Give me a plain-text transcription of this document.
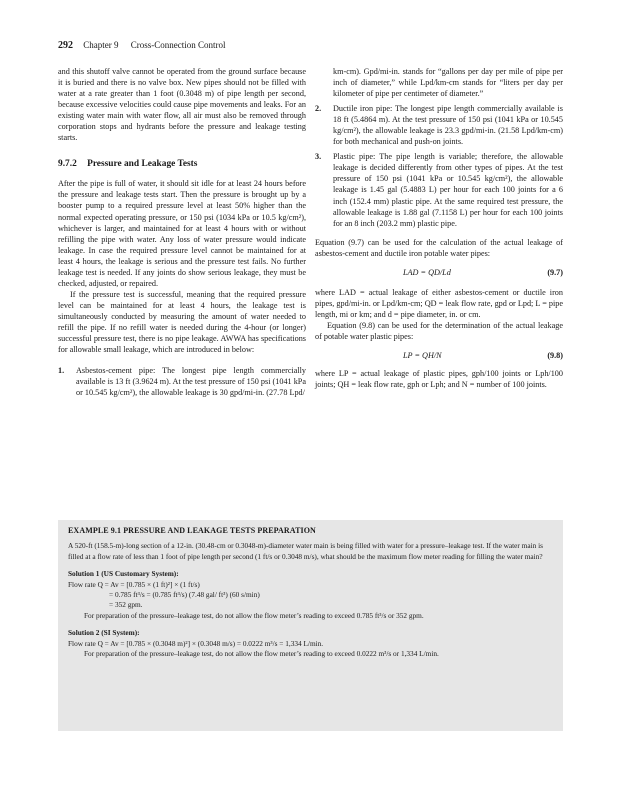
292 Chapter 9 Cross-Connection Control

and this shutoff valve cannot be operated from the ground surface because it is buried and there is no valve box. New pipes should not be filled with water at a rate greater than 1 foot (0.3048 m) of pipe length per second, because excessive velocities could cause pipe movements and leaks. For an existing water main with water flow, all air must also be removed through corporation stops and hydrants before the pressure and leakage testing starts.

9.7.2 Pressure and Leakage Tests

After the pipe is full of water, it should sit idle for at least 24 hours before the pressure and leakage tests start. Then the pressure is brought up by a booster pump to a required pressure level at least 50% higher than the normal expected operating pressure, or 150 psi (1034 kPa or 10.5 kg/cm²), whichever is larger, and maintained for at least 4 hours with or without refilling the pipe with water. Any loss of water pressure would indicate leakage. In case the required pressure level cannot be maintained for at least 4 hours, the leakage is serious and the pressure test fails. No further leakage test is needed. If any joints do show serious leakage, they must be checked, adjusted, or repaired.

If the pressure test is successful, meaning that the required pressure level can be maintained for at least 4 hours, the leakage test is simultaneously conducted by measuring the amount of water needed to refill the pipe. If no refill water is needed during the 4-hour (or longer) successful pressure test, there is no pipe leakage. AWWA has specifications for allowable small leakage, which are introduced in below:

1. Asbestos-cement pipe: The longest pipe length commercially available is 13 ft (3.9624 m). At the test pressure of 150 psi (1041 kPa or 10.545 kg/cm²), the allowable leakage is 30 gpd/mi-in. (27.78 Lpd/

km-cm). Gpd/mi-in. stands for “gallons per day per mile of pipe per inch of diameter,” while Lpd/km-cm stands for “liters per day per kilometer of pipe per centimeter of diameter.”

2. Ductile iron pipe: The longest pipe length commercially available is 18 ft (5.4864 m). At the test pressure of 150 psi (1041 kPa or 10.545 kg/cm²), the allowable leakage is 23.3 gpd/mi-in. (21.58 Lpd/km-cm) for both mechanical and push-on joints.
3. Plastic pipe: The pipe length is variable; therefore, the allowable leakage is decided differently from other types of pipes. At the test pressure of 150 psi (1041 kPa or 10.545 kg/cm²), the allowable leakage is 1.45 gal (5.4883 L) per hour for each 100 joints for a 6 inch (152.4 mm) plastic pipe. At the same required test pressure, the allowable leakage is 1.88 gal (7.1158 L) per hour for each 100 joints for an 8 inch (203.2 mm) plastic pipe.

Equation (9.7) can be used for the calculation of the actual leakage of asbestos-cement and ductile iron potable water pipes:

LAD = QD/Ld	(9.7)

where LAD = actual leakage of either asbestos-cement or ductile iron pipes, gpd/mi-in. or Lpd/km-cm; QD = leak flow rate, gpd or Lpd; L = pipe length, mi or km; and d = pipe diameter, in. or cm.

Equation (9.8) can be used for the determination of the actual leakage of potable water plastic pipes:

LP = QH/N	(9.8)

where LP = actual leakage of plastic pipes, gph/100 joints or Lph/100 joints; QH = leak flow rate, gph or Lph; and N = number of 100 joints.

EXAMPLE 9.1 PRESSURE AND LEAKAGE TESTS PREPARATION
A 520-ft (158.5-m)-long section of a 12-in. (30.48-cm or 0.3048-m)-diameter water main is being filled with water for a pressure–leakage test. If the water main is filled at a flow rate of less than 1 foot of pipe length per second (1 ft/s or 0.3048 m/s), what should be the maximum flow meter reading for filling the water main?
Solution 1 (US Customary System):
Flow rate Q = Av = [0.785 × (1 ft)²] × (1 ft/s)
= 0.785 ft³/s = (0.785 ft³/s) (7.48 gal/ ft³) (60 s/min)
= 352 gpm.
For preparation of the pressure–leakage test, do not allow the flow meter’s reading to exceed 0.785 ft³/s or 352 gpm.
Solution 2 (SI System):
Flow rate Q = Av = [0.785 × (0.3048 m)²] × (0.3048 m/s) = 0.0222 m³/s = 1,334 L/min.
For preparation of the pressure–leakage test, do not allow the flow meter’s reading to exceed 0.0222 m³/s or 1,334 L/min.
